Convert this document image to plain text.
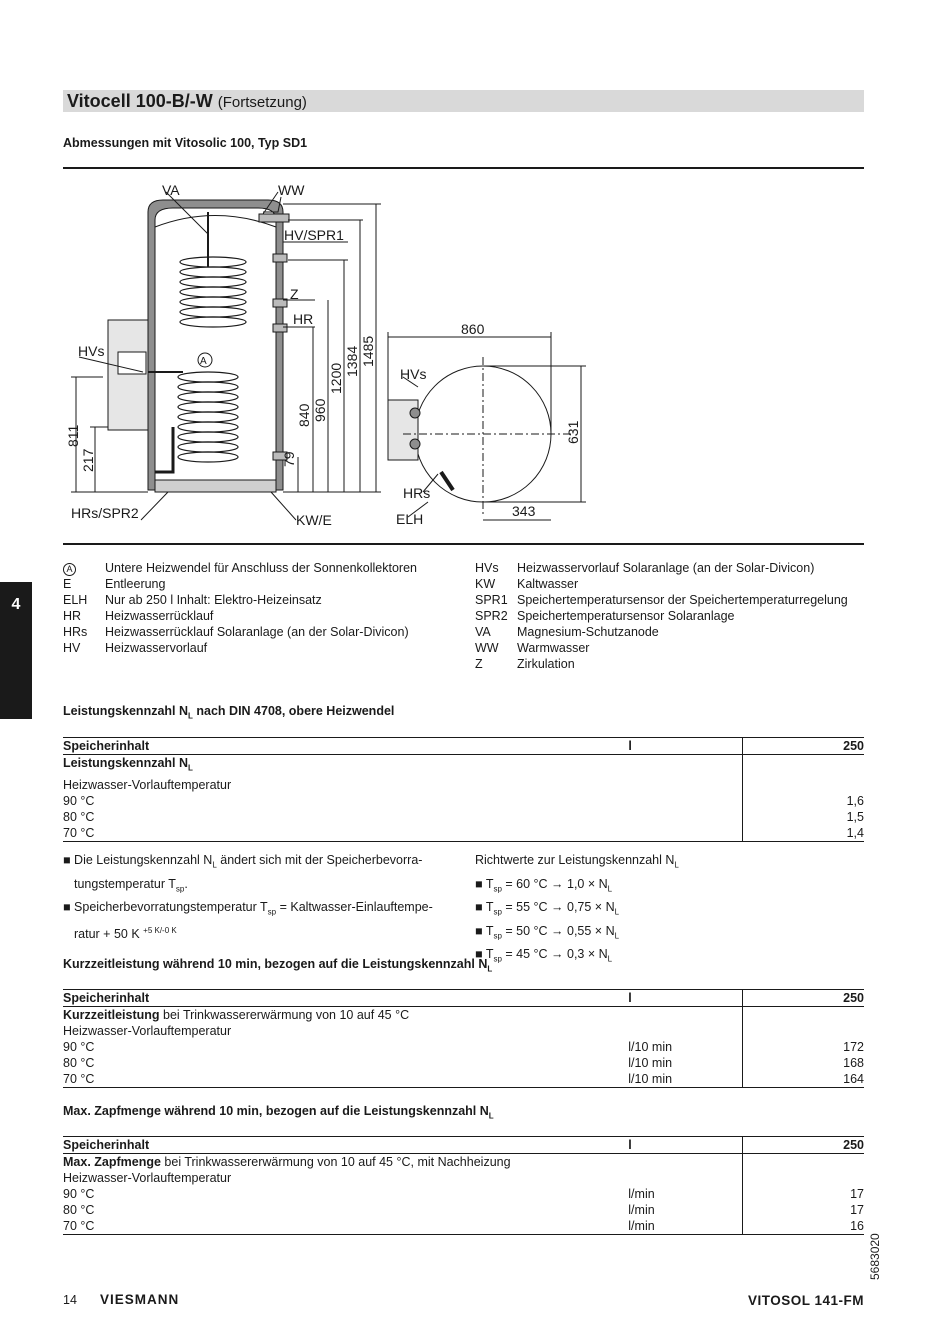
Vitocell 100-B/-W (Fortsetzung)
Abmessungen mit Vitosolic 100, Typ SD1
VA	WW
HV/SPR1
Z
HR
HVs
A
HRs/SPR2	KW/E
HVs
HRs
ELH
860
343
811
217	79
840 960
1200
1384 1485
631
A	Untere Heizwendel für Anschluss der Sonnenkollektoren
E	Entleerung
ELH	Nur ab 250 l Inhalt: Elektro-Heizeinsatz
HR	Heizwasserrücklauf
HRs	Heizwasserrücklauf Solaranlage (an der Solar-Divicon)
HV	Heizwasservorlauf
HVs	Heizwasservorlauf Solaranlage (an der Solar-Divicon)
KW	Kaltwasser
SPR1 Speichertemperatursensor der Speichertemperaturregelung
SPR2 Speichertemperatursensor Solaranlage
VA	Magnesium-Schutzanode
WW	Warmwasser
Z	Zirkulation
4
Leistungskennzahl $N_L$ nach DIN 4708, obere Heizwendel
Speicherinhalt	l	250
Leistungskennzahl $N_L$		
Heizwasser-Vorlauftemperatur		
90 °C		1,6
80 °C		1,5
70 °C		1,4
■ Die Leistungskennzahl $N_L$ ändert sich mit der Speicherbevorra-
tungstemperatur $T_{sp}$.
■ Speicherbevorratungstemperatur $T_{sp}$ = Kaltwasser-Einlauftempe-
ratur + 50 K $^{+5 K/-0 K}$
Richtwerte zur Leistungskennzahl $N_L$
■ $T_{sp} = 60$ $^\circ C \to 1,0 \times N_L$
■ $T_{sp} = 55$ $^\circ C \to 0,75 \times N_L$
■ $T_{sp} = 50$ $^\circ C \to 0,55 \times N_L$
■ $T_{sp} = 45$ $^\circ C \to 0,3 \times N_L$
Kurzzeitleistung während 10 min, bezogen auf die Leistungskennzahl $N_L$
Speicherinhalt	l	250
Kurzzeitleistung bei Trinkwassererwärmung von 10 auf 45 °C		
Heizwasser-Vorlauftemperatur		
90 °C	l/10 min	172
80 °C	l/10 min	168
70 °C	l/10 min	164
Max. Zapfmenge während 10 min, bezogen auf die Leistungskennzahl $N_L$
Speicherinhalt	l	250
Max. Zapfmenge bei Trinkwassererwärmung von 10 auf 45 °C, mit Nachheizung		
Heizwasser-Vorlauftemperatur		
90 °C	l/min	17
80 °C	l/min	17
70 °C	l/min	16
5683020
14 VIESMANN	VITOSOL 141-FM
